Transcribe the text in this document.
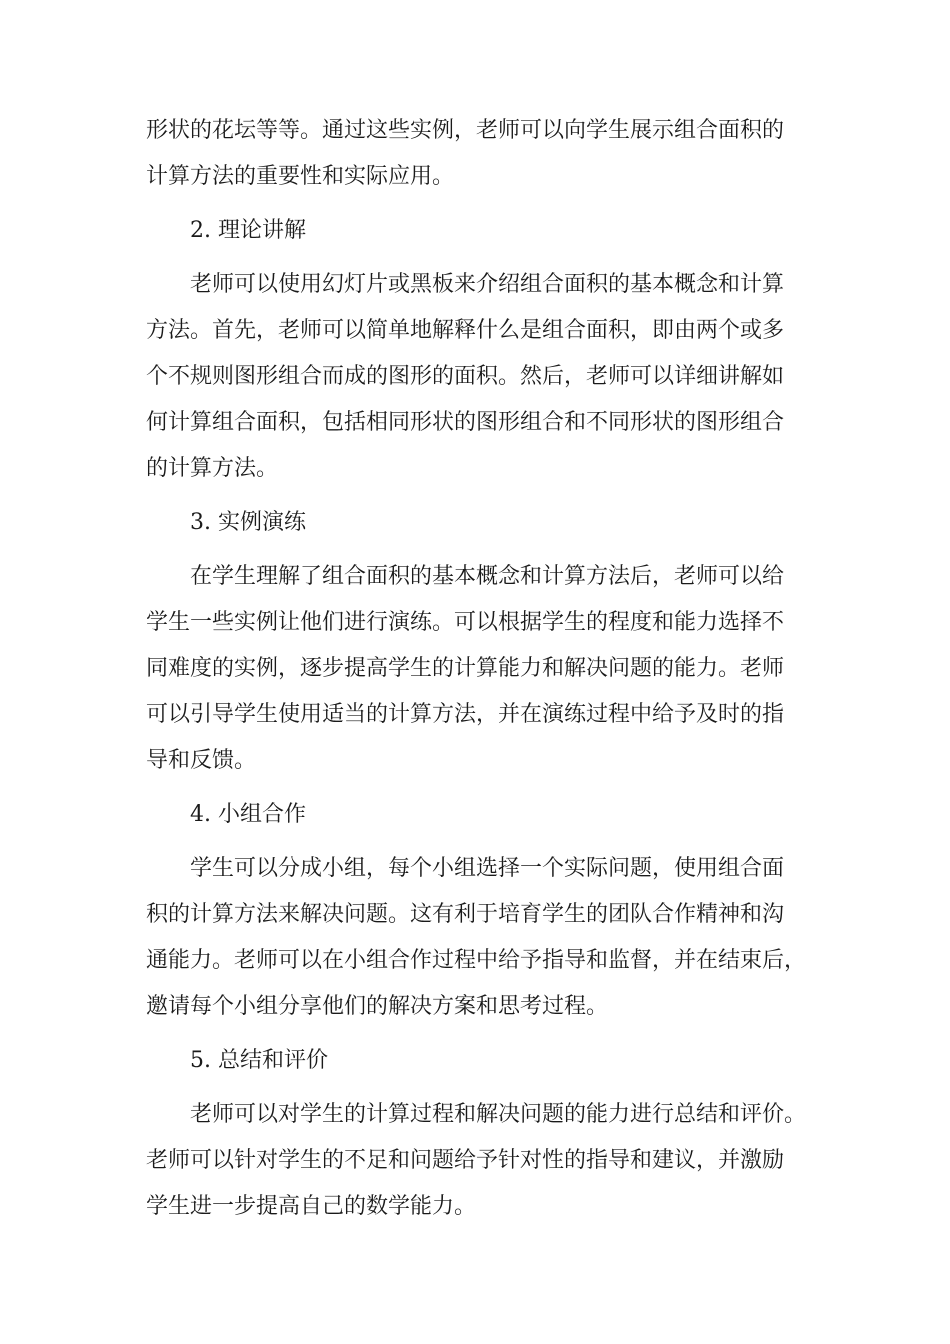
形状的花坛等等。通过这些实例，老师可以向学生展示组合面积的
计算方法的重要性和实际应用。
2. 理论讲解
老师可以使用幻灯片或黑板来介绍组合面积的基本概念和计算
方法。首先，老师可以简单地解释什么是组合面积，即由两个或多
个不规则图形组合而成的图形的面积。然后，老师可以详细讲解如
何计算组合面积，包括相同形状的图形组合和不同形状的图形组合
的计算方法。
3. 实例演练
在学生理解了组合面积的基本概念和计算方法后，老师可以给
学生一些实例让他们进行演练。可以根据学生的程度和能力选择不
同难度的实例，逐步提高学生的计算能力和解决问题的能力。老师
可以引导学生使用适当的计算方法，并在演练过程中给予及时的指
导和反馈。
4. 小组合作
学生可以分成小组，每个小组选择一个实际问题，使用组合面
积的计算方法来解决问题。这有利于培育学生的团队合作精神和沟
通能力。老师可以在小组合作过程中给予指导和监督，并在结束后，
邀请每个小组分享他们的解决方案和思考过程。
5. 总结和评价
老师可以对学生的计算过程和解决问题的能力进行总结和评价。
老师可以针对学生的不足和问题给予针对性的指导和建议，并激励
学生进一步提高自己的数学能力。
